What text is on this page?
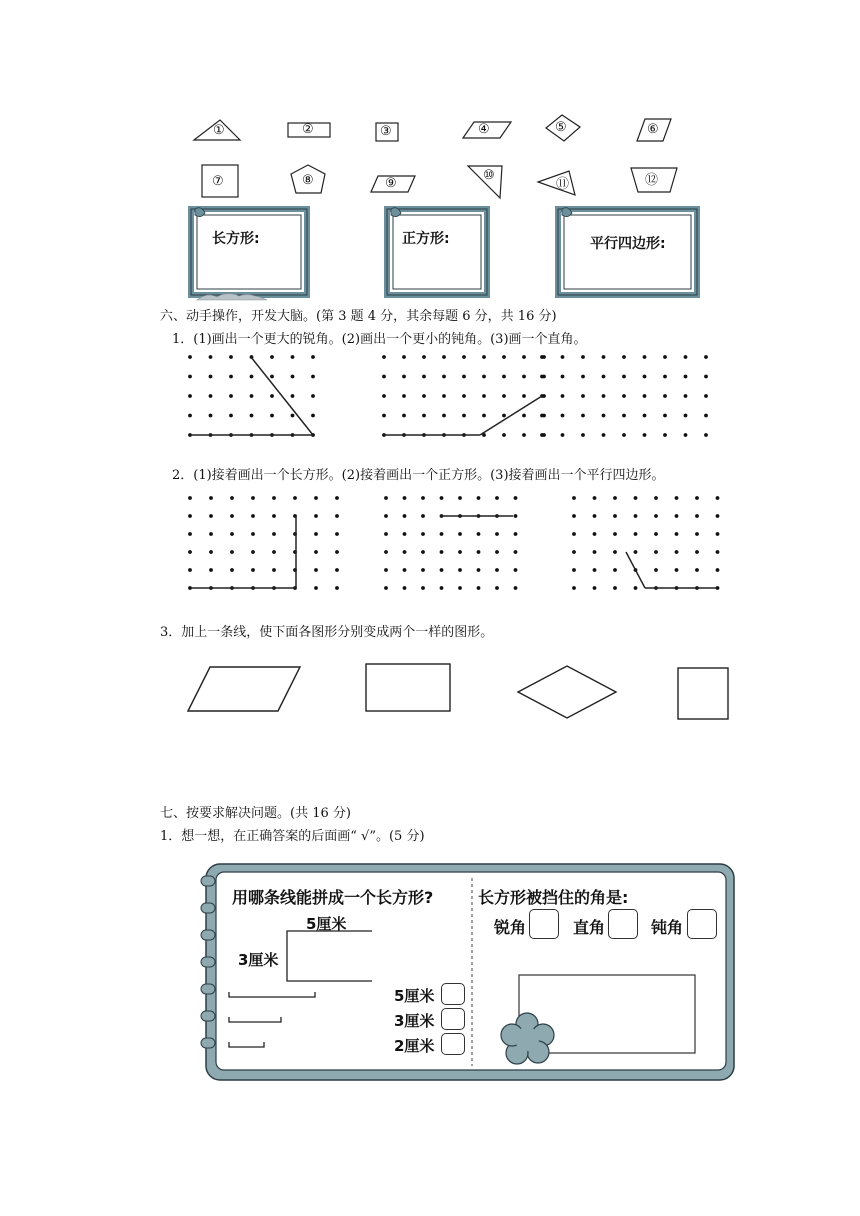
①	②	③	④	⑤	⑥
⑦	⑧	⑨
⑩
⑪	⑫
长方形:	正方形:	平行四边形:
六、动手操作，开发大脑。(第 3 题 4 分，其余每题 6 分，共 16 分)
1．(1)画出一个更大的锐角。(2)画出一个更小的钝角。(3)画一个直角。
2．(1)接着画出一个长方形。(2)接着画出一个正方形。(3)接着画出一个平行四边形。
3．加上一条线，使下面各图形分别变成两个一样的图形。
七、按要求解决问题。(共 16 分)
1．想一想，在正确答案的后面画“ √”。(5 分)
用哪条线能拼成一个长方形?
5厘米
3厘米
5厘米
3厘米
2厘米
长方形被挡住的角是:
锐角	直角	钝角
